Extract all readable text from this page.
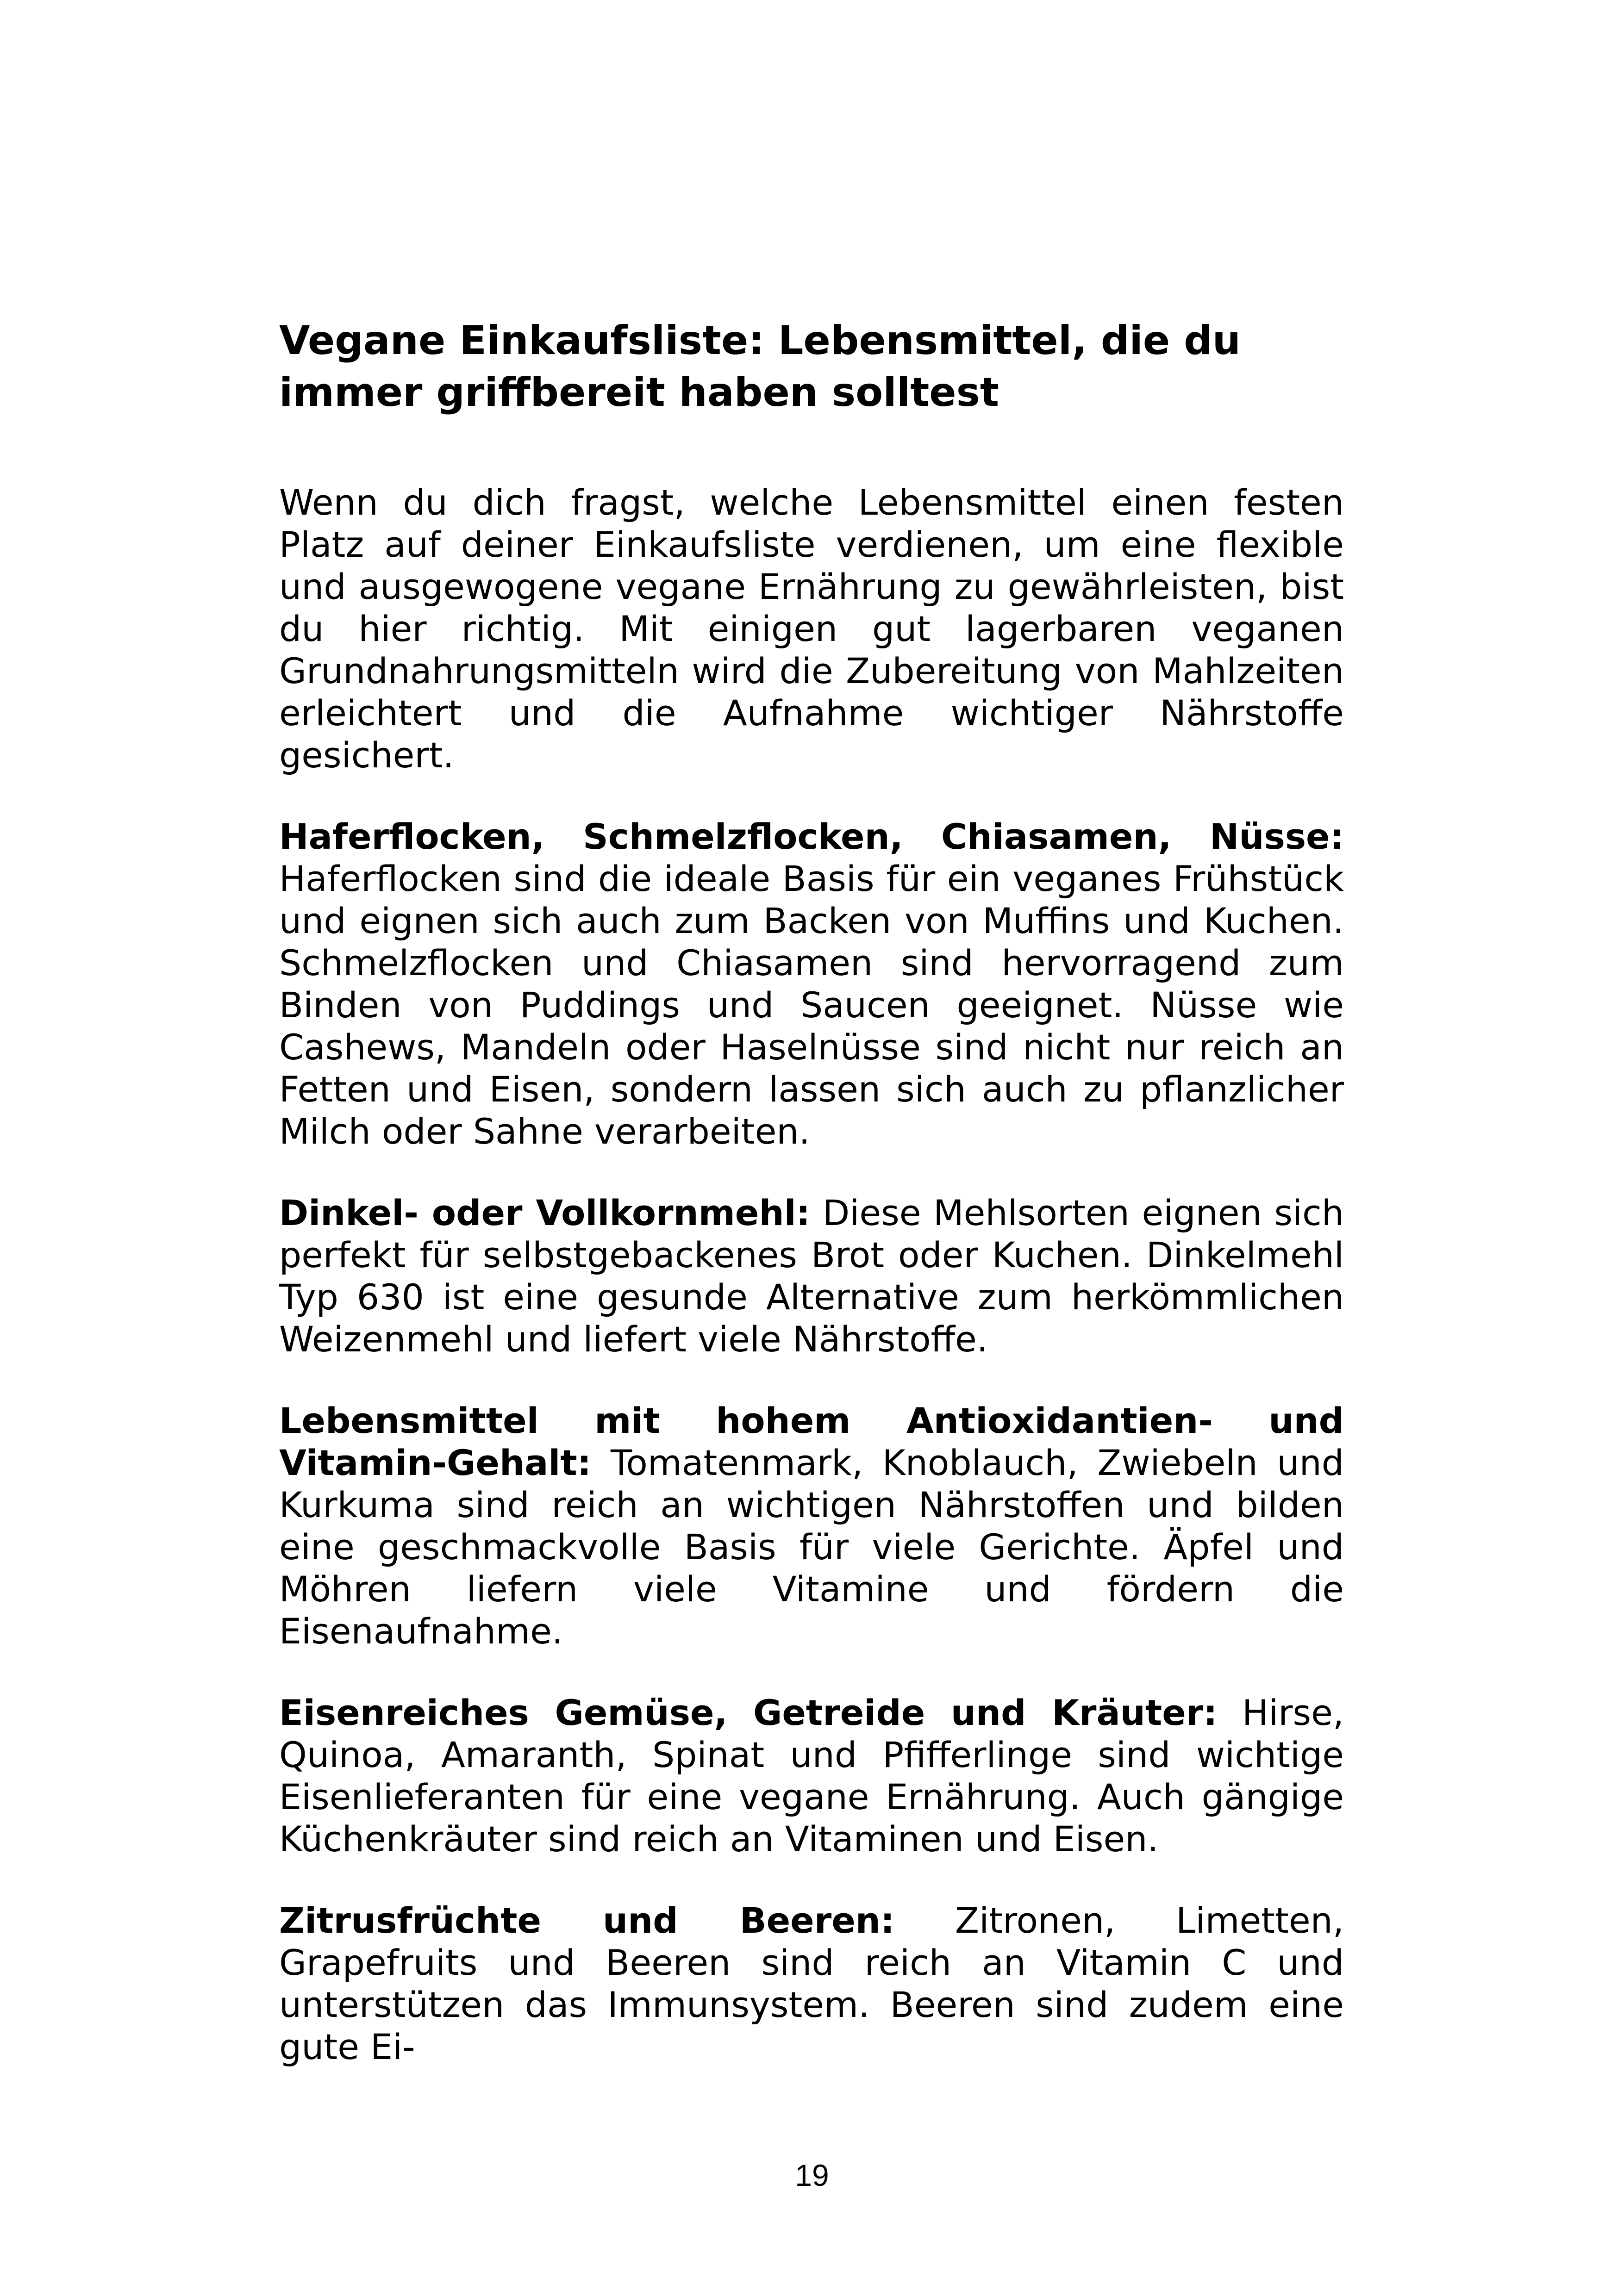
Vegane Einkaufsliste: Lebensmittel, die du immer griffbereit haben solltest

Wenn du dich fragst, welche Lebensmittel einen festen Platz auf deiner Einkaufsliste verdienen, um eine flexible und ausgewogene vegane Ernährung zu gewährleisten, bist du hier richtig. Mit einigen gut lagerbaren veganen Grundnahrungsmitteln wird die Zubereitung von Mahlzeiten erleichtert und die Aufnahme wichtiger Nährstoffe gesichert.

Haferflocken, Schmelzflocken, Chiasamen, Nüsse: Haferflocken sind die ideale Basis für ein veganes Frühstück und eignen sich auch zum Backen von Muffins und Kuchen. Schmelzflocken und Chiasamen sind hervorragend zum Binden von Puddings und Saucen geeignet. Nüsse wie Cashews, Mandeln oder Haselnüsse sind nicht nur reich an Fetten und Eisen, sondern lassen sich auch zu pflanzlicher Milch oder Sahne verarbeiten.

Dinkel- oder Vollkornmehl: Diese Mehlsorten eignen sich perfekt für selbstgebackenes Brot oder Kuchen. Dinkelmehl Typ 630 ist eine gesunde Alternative zum herkömmlichen Weizenmehl und liefert viele Nährstoffe.

Lebensmittel mit hohem Antioxidantien- und Vitamin-Gehalt: Tomatenmark, Knoblauch, Zwiebeln und Kurkuma sind reich an wichtigen Nährstoffen und bilden eine geschmackvolle Basis für viele Gerichte. Äpfel und Möhren liefern viele Vitamine und fördern die Eisenaufnahme.

Eisenreiches Gemüse, Getreide und Kräuter: Hirse, Quinoa, Amaranth, Spinat und Pfifferlinge sind wichtige Eisenlieferanten für eine vegane Ernährung. Auch gängige Küchenkräuter sind reich an Vitaminen und Eisen.

Zitrusfrüchte und Beeren: Zitronen, Limetten, Grapefruits und Beeren sind reich an Vitamin C und unterstützen das Immunsystem. Beeren sind zudem eine gute Ei-

19
